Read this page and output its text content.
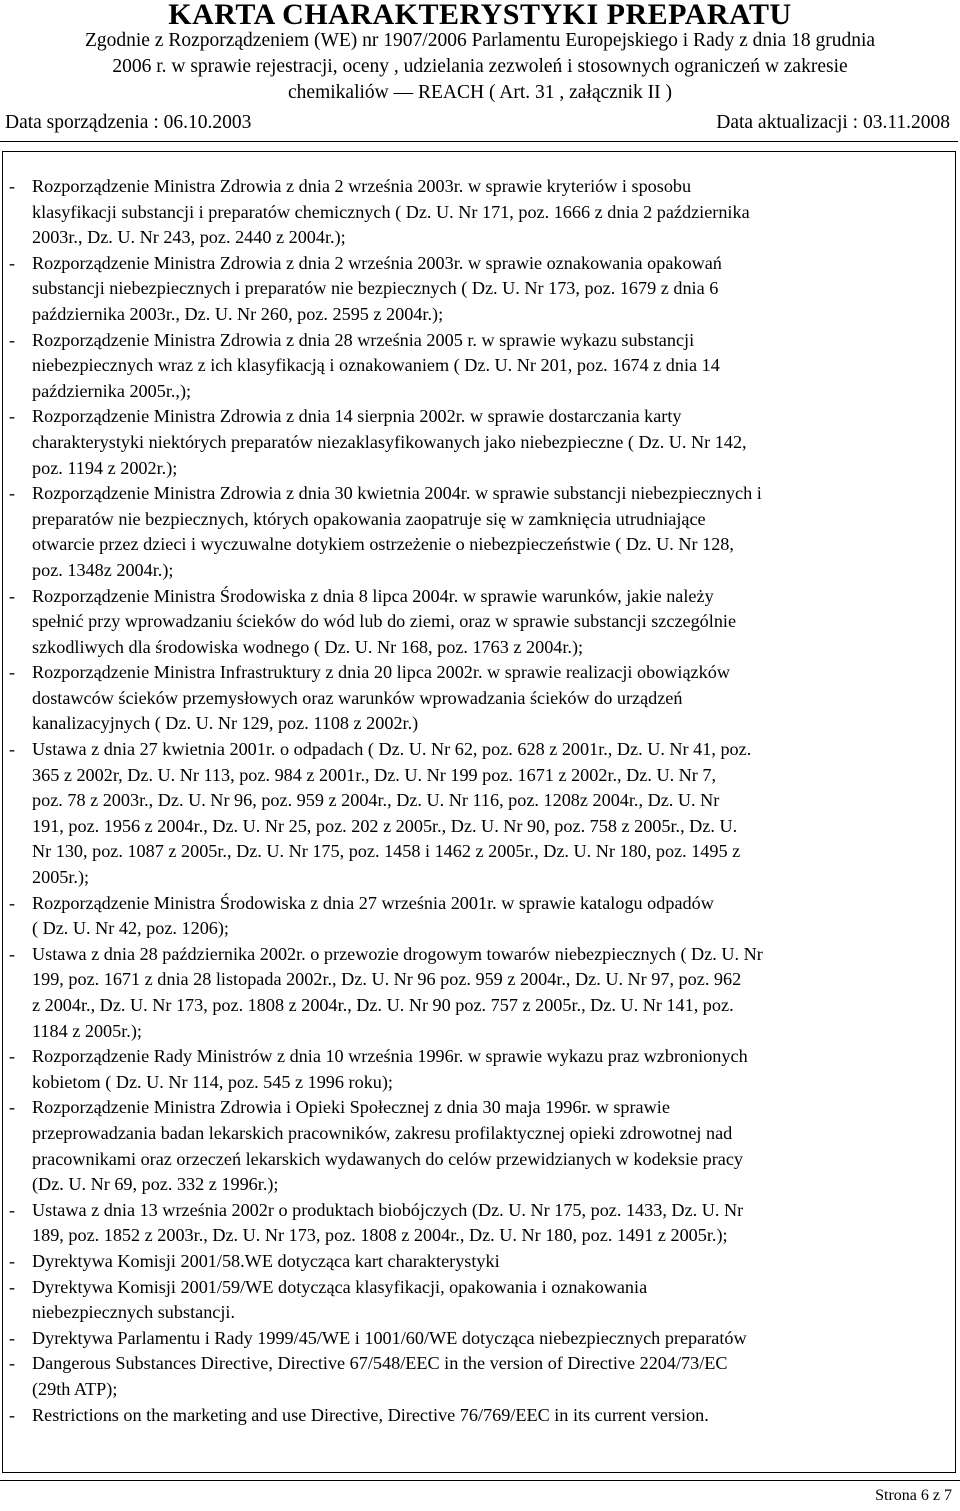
KARTA CHARAKTERYSTYKI PREPARATU

Zgodnie z Rozporządzeniem (WE) nr 1907/2006 Parlamentu Europejskiego i Rady z dnia 18 grudnia

2006 r. w sprawie rejestracji, oceny , udzielania zezwoleń i stosownych ograniczeń w zakresie

chemikaliów — REACH ( Art. 31 , załącznik II )

Data sporządzenia : 06.10.2003	Data aktualizacji : 03.11.2008
- Rozporządzenie Ministra Zdrowia z dnia 2 września 2003r. w sprawie kryteriów i sposobu
klasyfikacji substancji i preparatów chemicznych ( Dz. U. Nr 171, poz. 1666 z dnia 2 października
2003r., Dz. U. Nr 243, poz. 2440 z 2004r.);
- Rozporządzenie Ministra Zdrowia z dnia 2 września 2003r. w sprawie oznakowania opakowań
substancji niebezpiecznych i preparatów nie bezpiecznych ( Dz. U. Nr 173, poz. 1679 z dnia 6
października 2003r., Dz. U. Nr 260, poz. 2595 z 2004r.);
- Rozporządzenie Ministra Zdrowia z dnia 28 września 2005 r. w sprawie wykazu substancji
niebezpiecznych wraz z ich klasyfikacją i oznakowaniem ( Dz. U. Nr 201, poz. 1674 z dnia 14
października 2005r.,);
- Rozporządzenie Ministra Zdrowia z dnia 14 sierpnia 2002r. w sprawie dostarczania karty
charakterystyki niektórych preparatów niezaklasyfikowanych jako niebezpieczne ( Dz. U. Nr 142,
poz. 1194 z 2002r.);
- Rozporządzenie Ministra Zdrowia z dnia 30 kwietnia 2004r. w sprawie substancji niebezpiecznych i
preparatów nie bezpiecznych, których opakowania zaopatruje się w zamknięcia utrudniające
otwarcie przez dzieci i wyczuwalne dotykiem ostrzeżenie o niebezpieczeństwie ( Dz. U. Nr 128,
poz. 1348z 2004r.);
- Rozporządzenie Ministra Środowiska z dnia 8 lipca 2004r. w sprawie warunków, jakie należy
spełnić przy wprowadzaniu ścieków do wód lub do ziemi, oraz w sprawie substancji szczególnie
szkodliwych dla środowiska wodnego ( Dz. U. Nr 168, poz. 1763 z 2004r.);
- Rozporządzenie Ministra Infrastruktury z dnia 20 lipca 2002r. w sprawie realizacji obowiązków
dostawców ścieków przemysłowych oraz warunków wprowadzania ścieków do urządzeń
kanalizacyjnych ( Dz. U. Nr 129, poz. 1108 z 2002r.)
- Ustawa z dnia 27 kwietnia 2001r. o odpadach ( Dz. U. Nr 62, poz. 628 z 2001r., Dz. U. Nr 41, poz.
365 z 2002r, Dz. U. Nr 113, poz. 984 z 2001r., Dz. U. Nr 199 poz. 1671 z 2002r., Dz. U. Nr 7,
poz. 78 z 2003r., Dz. U. Nr 96, poz. 959 z 2004r., Dz. U. Nr 116, poz. 1208z 2004r., Dz. U. Nr
191, poz. 1956 z 2004r., Dz. U. Nr 25, poz. 202 z 2005r., Dz. U. Nr 90, poz. 758 z 2005r., Dz. U.
Nr 130, poz. 1087 z 2005r., Dz. U. Nr 175, poz. 1458 i 1462 z 2005r., Dz. U. Nr 180, poz. 1495 z
2005r.);
- Rozporządzenie Ministra Środowiska z dnia 27 września 2001r. w sprawie katalogu odpadów
( Dz. U. Nr 42, poz. 1206);
- Ustawa z dnia 28 października 2002r. o przewozie drogowym towarów niebezpiecznych ( Dz. U. Nr
199, poz. 1671 z dnia 28 listopada 2002r., Dz. U. Nr 96 poz. 959 z 2004r., Dz. U. Nr 97, poz. 962
z 2004r., Dz. U. Nr 173, poz. 1808 z 2004r., Dz. U. Nr 90 poz. 757 z 2005r., Dz. U. Nr 141, poz.
1184 z 2005r.);
- Rozporządzenie Rady Ministrów z dnia 10 września 1996r. w sprawie wykazu praz wzbronionych
kobietom ( Dz. U. Nr 114, poz. 545 z 1996 roku);
- Rozporządzenie Ministra Zdrowia i Opieki Społecznej z dnia 30 maja 1996r. w sprawie
przeprowadzania badan lekarskich pracowników, zakresu profilaktycznej opieki zdrowotnej nad
pracownikami oraz orzeczeń lekarskich wydawanych do celów przewidzianych w kodeksie pracy
(Dz. U. Nr 69, poz. 332 z 1996r.);
- Ustawa z dnia 13 września 2002r o produktach biobójczych (Dz. U. Nr 175, poz. 1433, Dz. U. Nr
189, poz. 1852 z 2003r., Dz. U. Nr 173, poz. 1808 z 2004r., Dz. U. Nr 180, poz. 1491 z 2005r.);
- Dyrektywa Komisji 2001/58.WE dotycząca kart charakterystyki
- Dyrektywa Komisji 2001/59/WE dotycząca klasyfikacji, opakowania i oznakowania
niebezpiecznych substancji.
- Dyrektywa Parlamentu i Rady 1999/45/WE i 1001/60/WE dotycząca niebezpiecznych preparatów
- Dangerous Substances Directive, Directive 67/548/EEC in the version of Directive 2204/73/EC
(29th ATP);
- Restrictions on the marketing and use Directive, Directive 76/769/EEC in its current version.
Strona 6 z 7
